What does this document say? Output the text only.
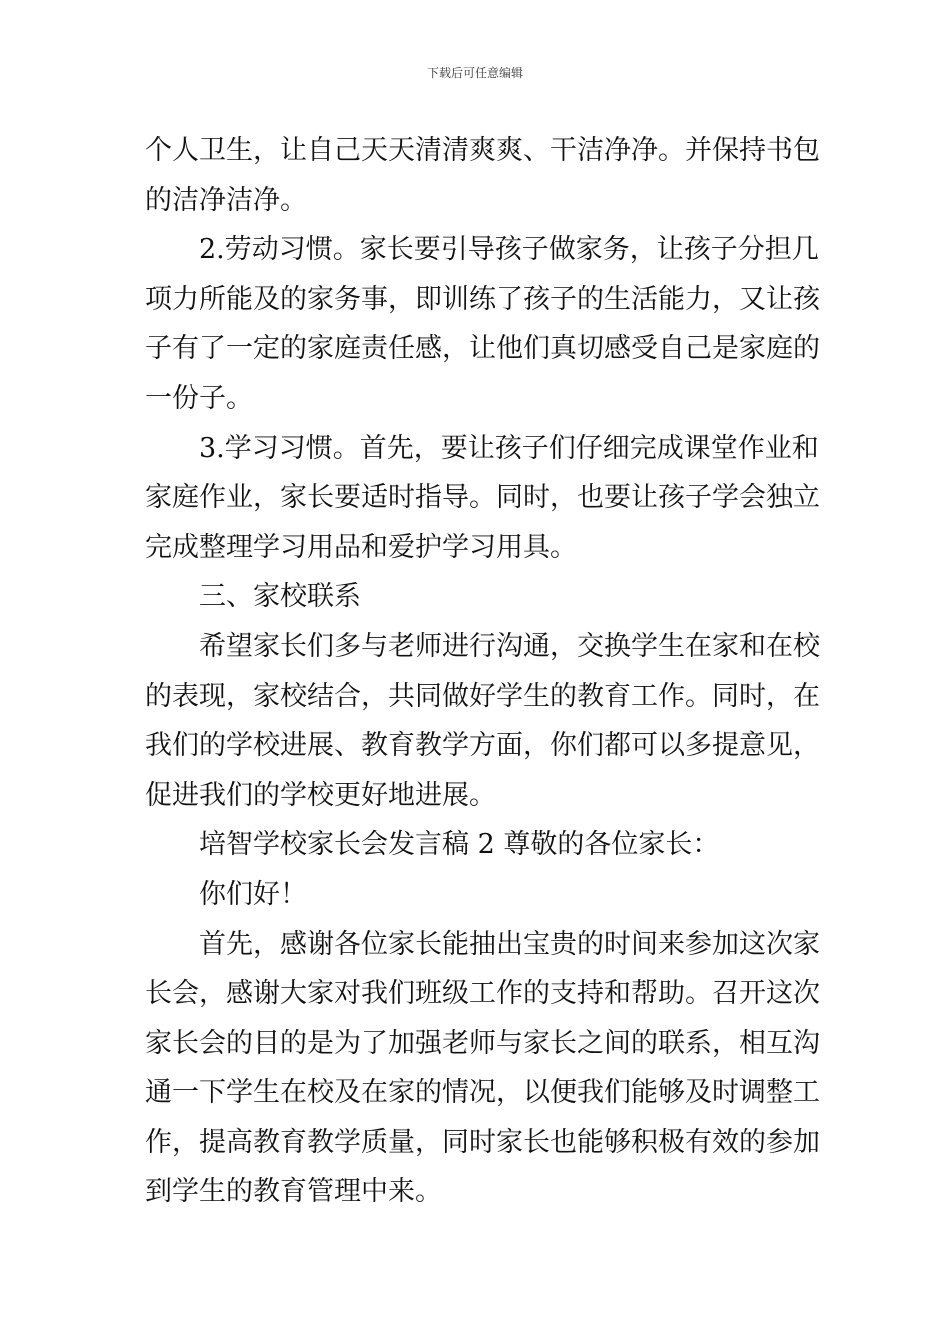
下载后可任意编辑
个人卫生，让自己天天清清爽爽、干洁净净。并保持书包
的洁净洁净。
2.劳动习惯。家长要引导孩子做家务，让孩子分担几
项力所能及的家务事，即训练了孩子的生活能力，又让孩
子有了一定的家庭责任感，让他们真切感受自己是家庭的
一份子。
3.学习习惯。首先，要让孩子们仔细完成课堂作业和
家庭作业，家长要适时指导。同时，也要让孩子学会独立
完成整理学习用品和爱护学习用具。
三、家校联系
希望家长们多与老师进行沟通，交换学生在家和在校
的表现，家校结合，共同做好学生的教育工作。同时，在
我们的学校进展、教育教学方面，你们都可以多提意见，
促进我们的学校更好地进展。
培智学校家长会发言稿 2 尊敬的各位家长：
你们好！
首先，感谢各位家长能抽出宝贵的时间来参加这次家
长会，感谢大家对我们班级工作的支持和帮助。召开这次
家长会的目的是为了加强老师与家长之间的联系，相互沟
通一下学生在校及在家的情况，以便我们能够及时调整工
作，提高教育教学质量，同时家长也能够积极有效的参加
到学生的教育管理中来。
